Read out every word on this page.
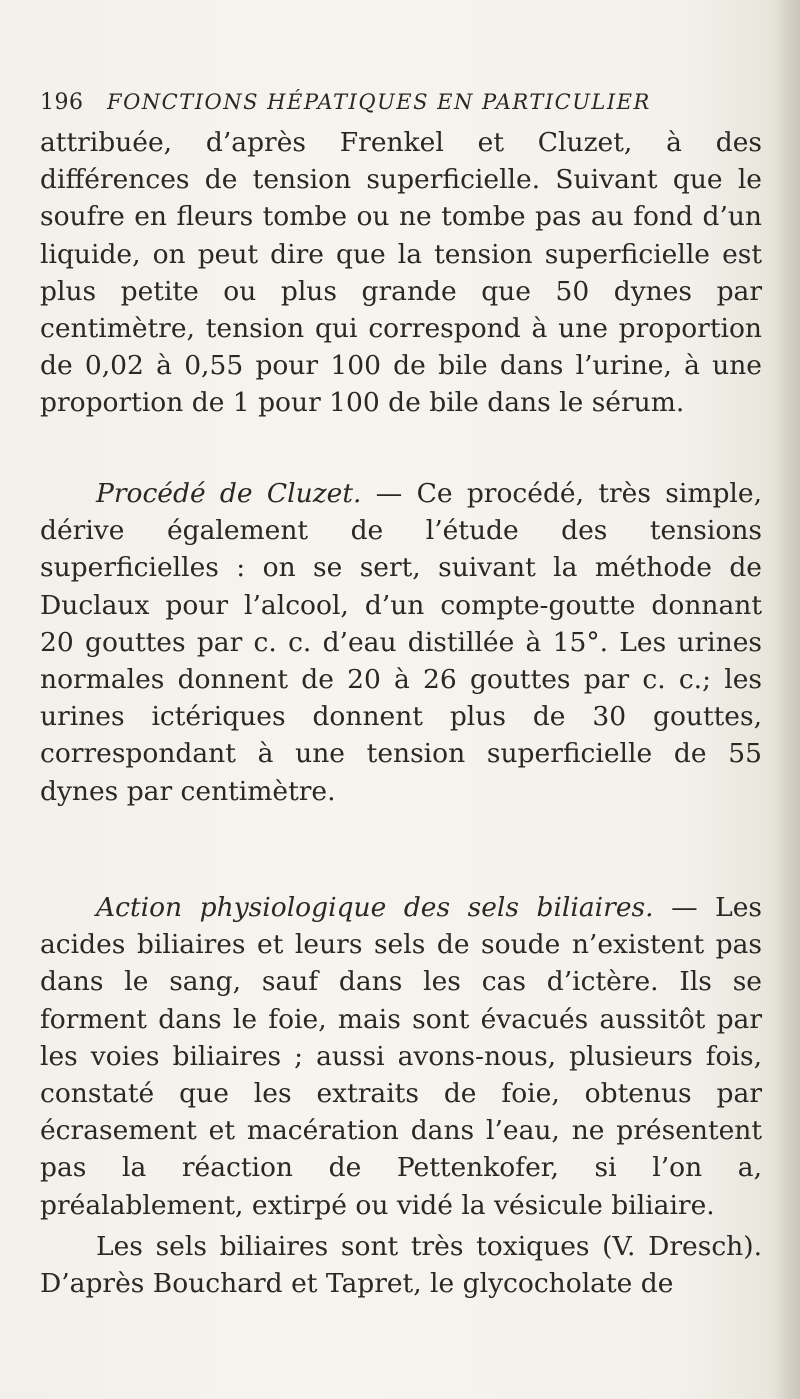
196 FONCTIONS HÉPATIQUES EN PARTICULIER
attribuée, d’après Frenkel et Cluzet, à des différences de tension superficielle. Suivant que le soufre en fleurs tombe ou ne tombe pas au fond d’un liquide, on peut dire que la tension superficielle est plus petite ou plus grande que 50 dynes par centimètre, tension qui correspond à une proportion de 0,02 à 0,55 pour 100 de bile dans l’urine, à une proportion de 1 pour 100 de bile dans le sérum.
Procédé de Cluzet. — Ce procédé, très simple, dérive également de l’étude des tensions superficielles : on se sert, suivant la méthode de Duclaux pour l’alcool, d’un compte-goutte donnant 20 gouttes par c. c. d’eau distillée à 15°. Les urines normales donnent de 20 à 26 gouttes par c. c.; les urines ictériques donnent plus de 30 gouttes, correspondant à une tension superficielle de 55 dynes par centimètre.
Action physiologique des sels biliaires. — Les acides biliaires et leurs sels de soude n’existent pas dans le sang, sauf dans les cas d’ictère. Ils se forment dans le foie, mais sont évacués aussitôt par les voies biliaires ; aussi avons-nous, plusieurs fois, constaté que les extraits de foie, obtenus par écrasement et macération dans l’eau, ne présentent pas la réaction de Pettenkofer, si l’on a, préalablement, extirpé ou vidé la vésicule biliaire.
Les sels biliaires sont très toxiques (V. Dresch). D’après Bouchard et Tapret, le glycocholate de
